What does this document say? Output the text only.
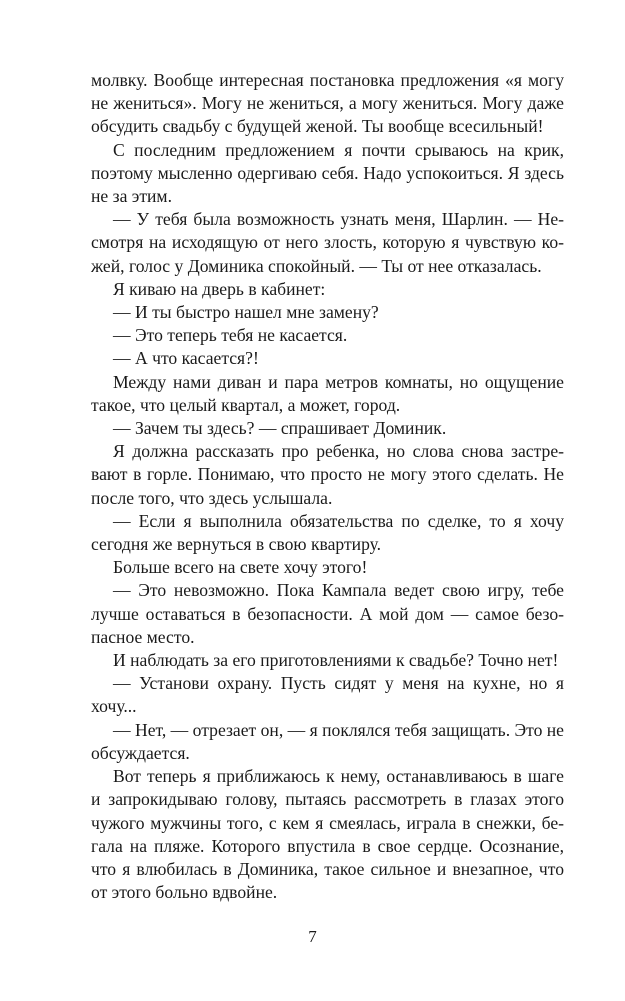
молвку. Вообще интересная постановка предложения «я могу не жениться». Могу не жениться, а могу жениться. Могу даже обсудить свадьбу с будущей женой. Ты вообще всесильный!

С последним предложением я почти срываюсь на крик, поэтому мысленно одергиваю себя. Надо успокоиться. Я здесь не за этим.

— У тебя была возможность узнать меня, Шарлин. — Несмотря на исходящую от него злость, которую я чувствую кожей, голос у Доминика спокойный. — Ты от нее отказалась.

Я киваю на дверь в кабинет:

— И ты быстро нашел мне замену?

— Это теперь тебя не касается.

— А что касается?!

Между нами диван и пара метров комнаты, но ощущение такое, что целый квартал, а может, город.

— Зачем ты здесь? — спрашивает Доминик.

Я должна рассказать про ребенка, но слова снова застревают в горле. Понимаю, что просто не могу этого сделать. Не после того, что здесь услышала.

— Если я выполнила обязательства по сделке, то я хочу сегодня же вернуться в свою квартиру.

Больше всего на свете хочу этого!

— Это невозможно. Пока Кампала ведет свою игру, тебе лучше оставаться в безопасности. А мой дом — самое безопасное место.

И наблюдать за его приготовлениями к свадьбе? Точно нет!

— Установи охрану. Пусть сидят у меня на кухне, но я хочу...

— Нет, — отрезает он, — я поклялся тебя защищать. Это не обсуждается.

Вот теперь я приближаюсь к нему, останавливаюсь в шаге и запрокидываю голову, пытаясь рассмотреть в глазах этого чужого мужчины того, с кем я смеялась, играла в снежки, бегала на пляже. Которого впустила в свое сердце. Осознание, что я влюбилась в Доминика, такое сильное и внезапное, что от этого больно вдвойне.

7
